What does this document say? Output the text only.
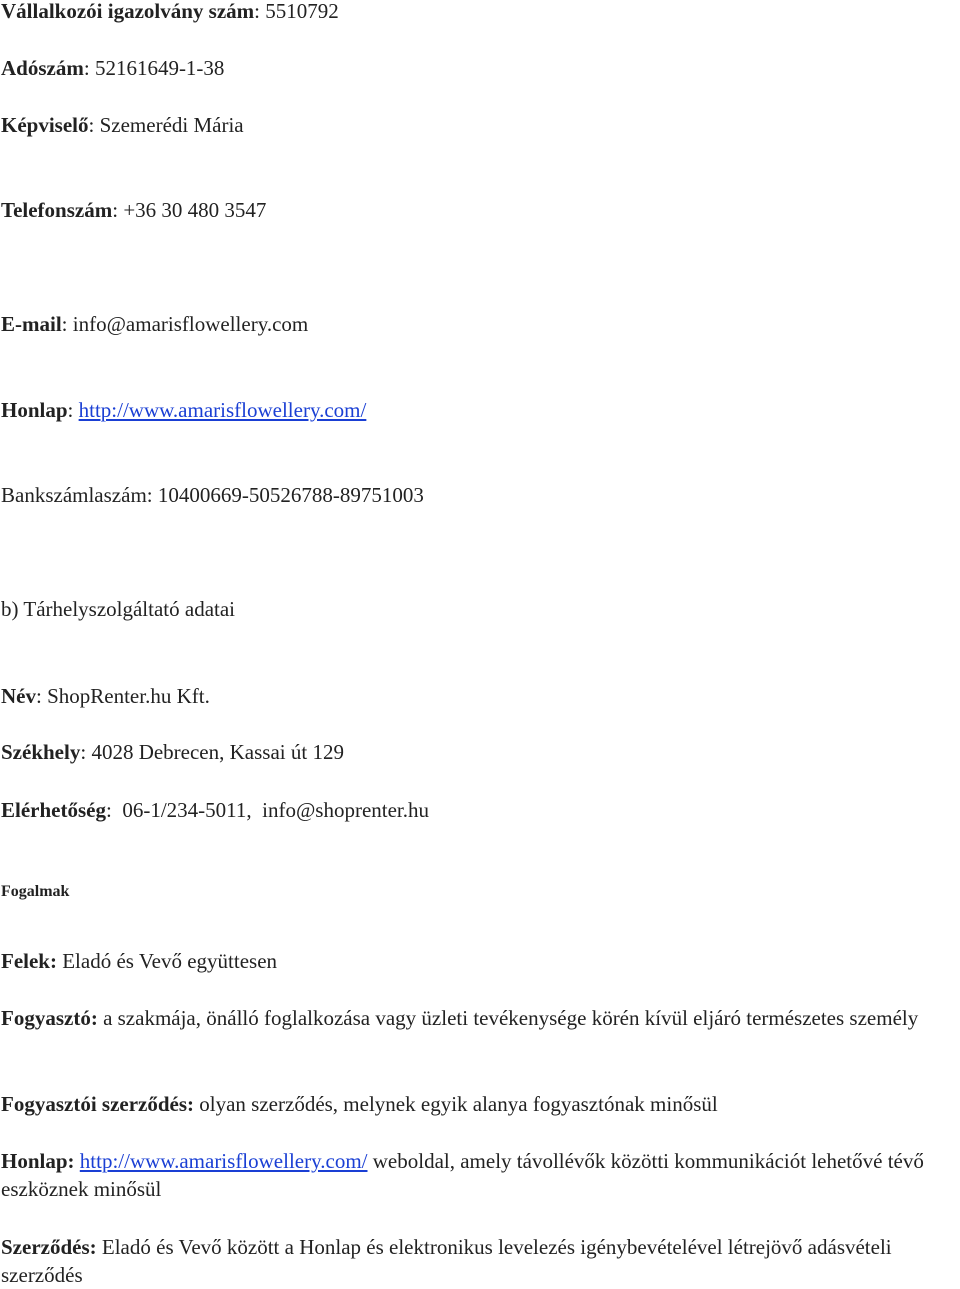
Vállalkozói igazolvány szám: 5510792
Adószám: 52161649-1-38
Képviselő: Szemerédi Mária
Telefonszám: +36 30 480 3547
E-mail: info@amarisflowellery.com
Honlap: http://www.amarisflowellery.com/
Bankszámlaszám: 10400669-50526788-89751003
b) Tárhelyszolgáltató adatai
Név: ShopRenter.hu Kft.
Székhely: 4028 Debrecen, Kassai út 129
Elérhetőség:  06-1/234-5011, info@shoprenter.hu
Fogalmak
Felek: Eladó és Vevő együttesen
Fogyasztó: a szakmája, önálló foglalkozása vagy üzleti tevékenysége körén kívül eljáró természetes személy
Fogyasztói szerződés: olyan szerződés, melynek egyik alanya fogyasztónak minősül
Honlap: http://www.amarisflowellery.com/ weboldal, amely távollévők közötti kommunikációt lehetővé tévő eszköznek minősül
Szerződés: Eladó és Vevő között a Honlap és elektronikus levelezés igénybevételével létrejövő adásvételi szerződés
